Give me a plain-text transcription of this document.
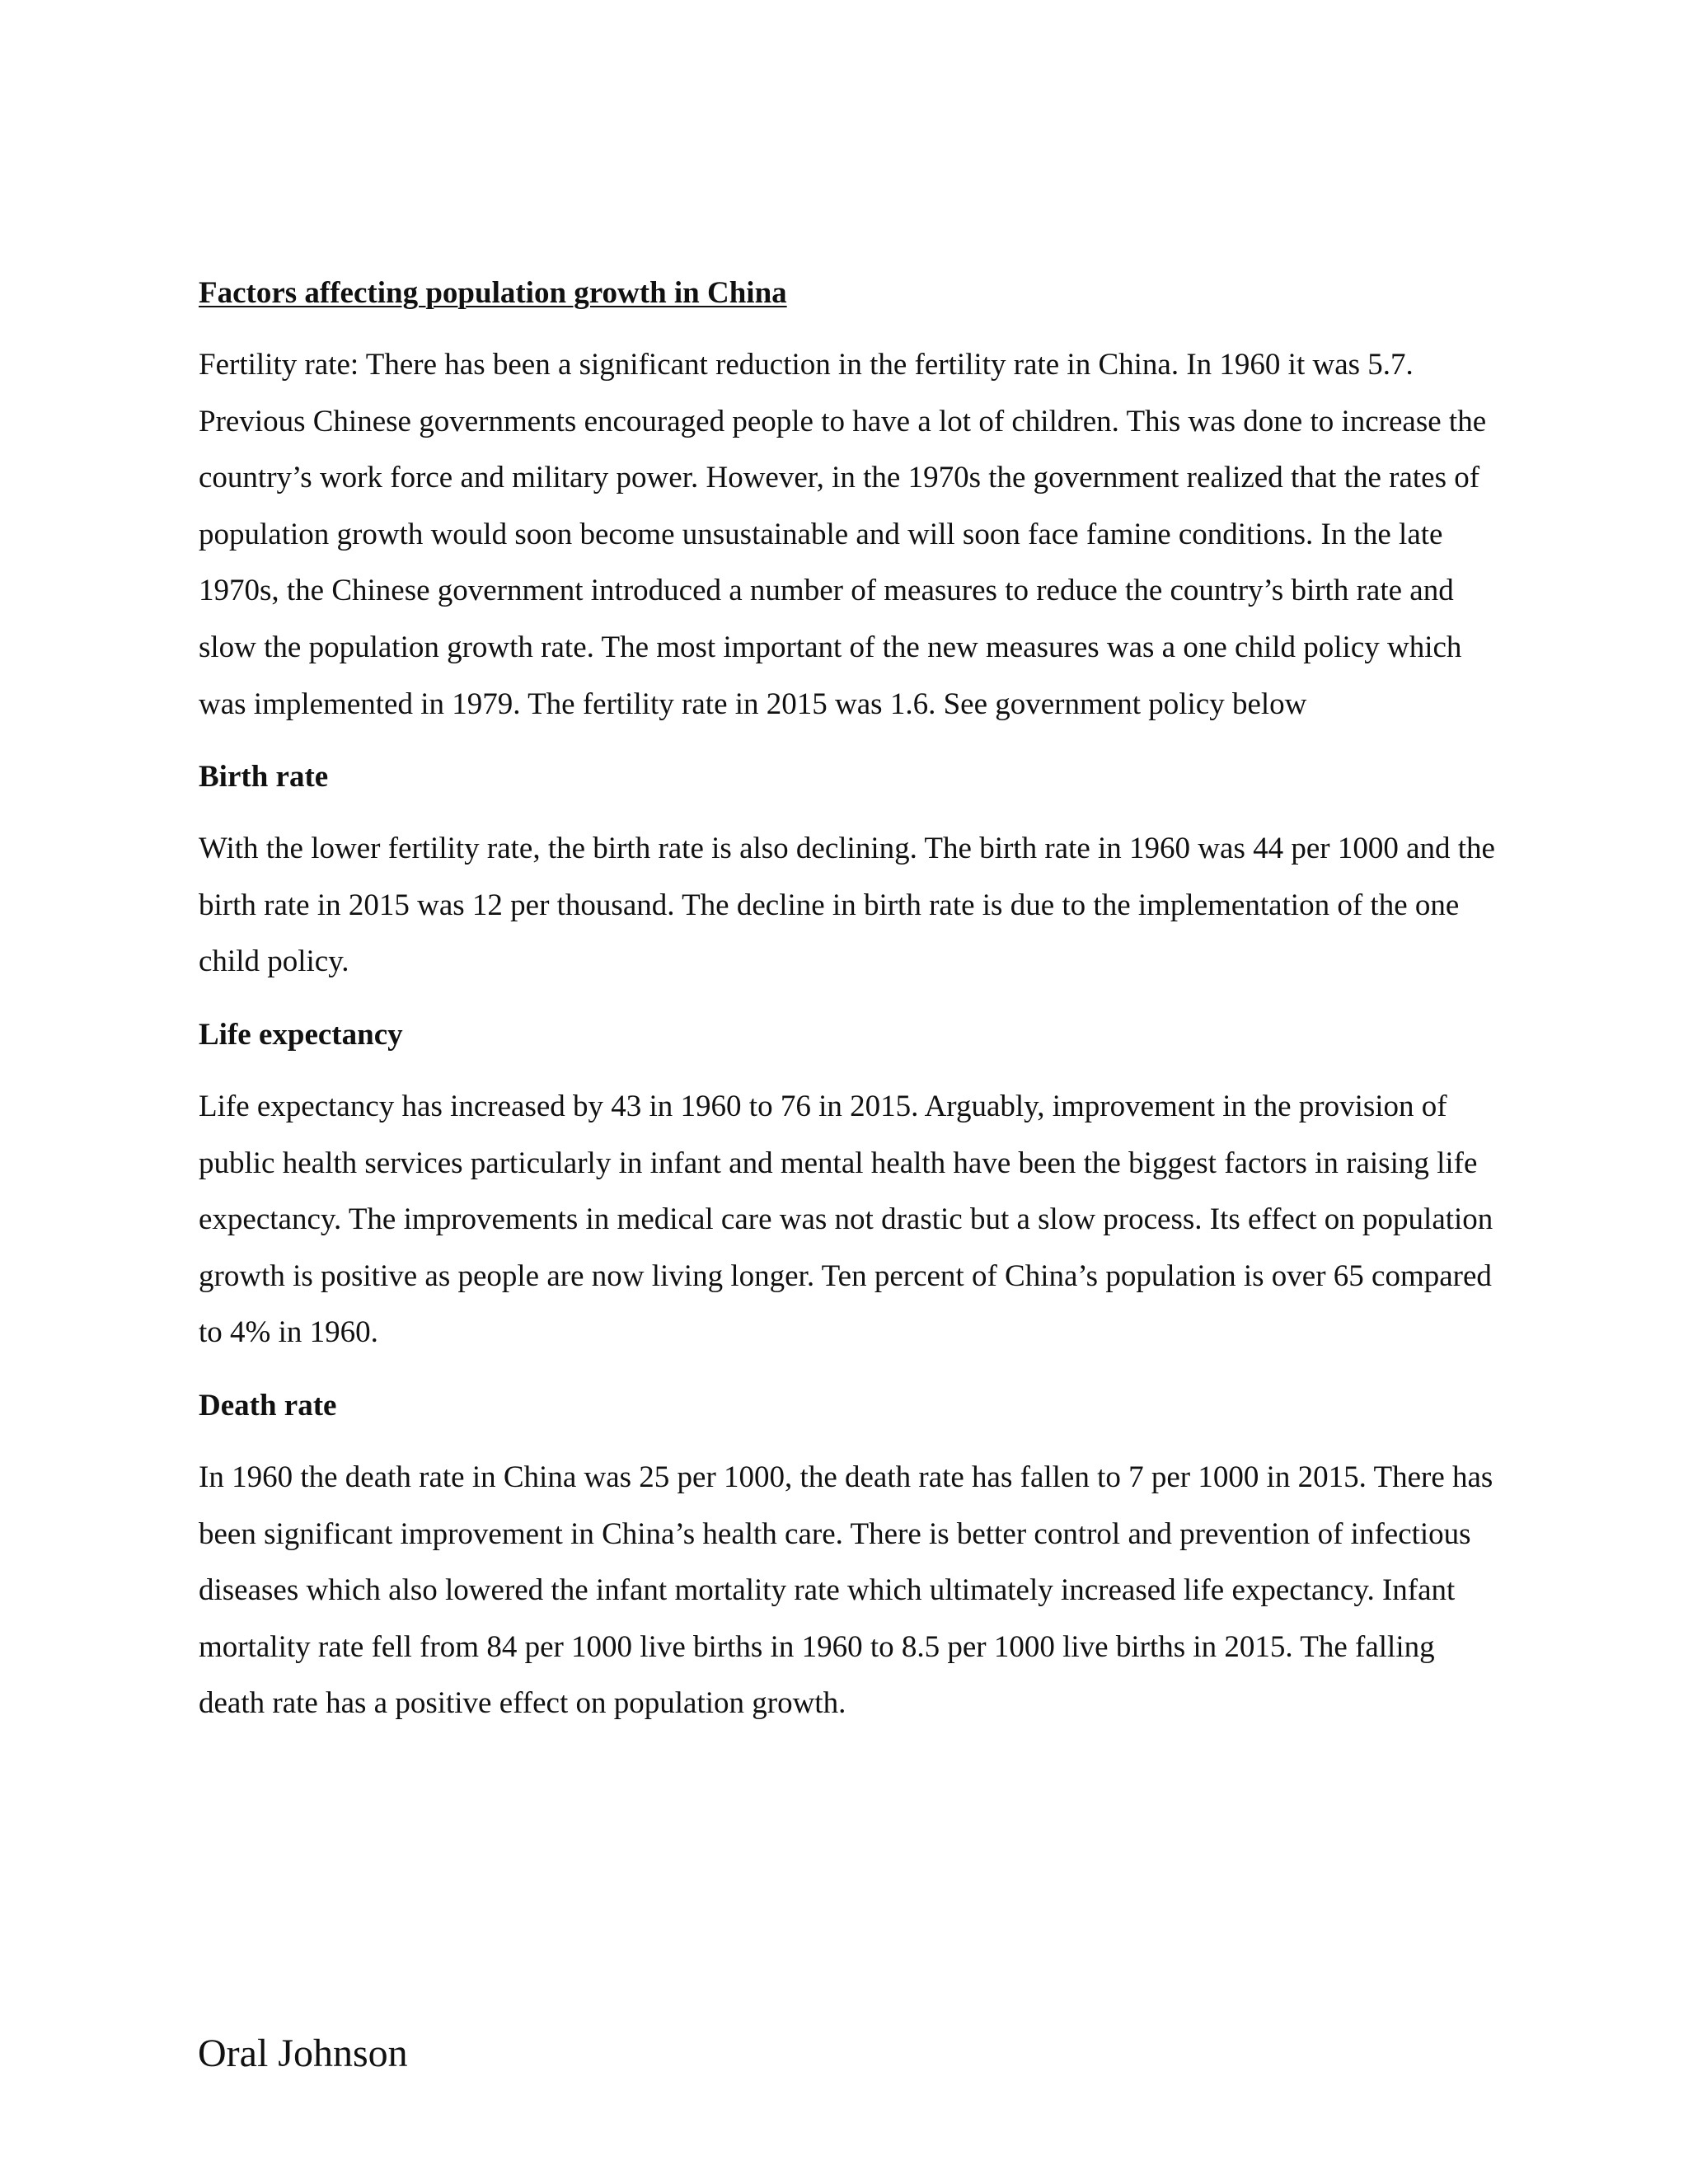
Factors affecting population growth in China

Fertility rate: There has been a significant reduction in the fertility rate in China. In 1960 it was 5.7. Previous Chinese governments encouraged people to have a lot of children. This was done to increase the country’s work force and military power. However, in the 1970s the government realized that the rates of population growth would soon become unsustainable and will soon face famine conditions. In the late 1970s, the Chinese government introduced a number of measures to reduce the country’s birth rate and slow the population growth rate. The most important of the new measures was a one child policy which was implemented in 1979. The fertility rate in 2015 was 1.6. See government policy below

Birth rate

With the lower fertility rate, the birth rate is also declining. The birth rate in 1960 was 44 per 1000 and the birth rate in 2015 was 12 per thousand. The decline in birth rate is due to the implementation of the one child policy.

Life expectancy

Life expectancy has increased by 43 in 1960 to 76 in 2015. Arguably, improvement in the provision of public health services particularly in infant and mental health have been the biggest factors in raising life expectancy. The improvements in medical care was not drastic but a slow process. Its effect on population growth is positive as people are now living longer. Ten percent of China’s population is over 65 compared to 4% in 1960.

Death rate

In 1960 the death rate in China was 25 per 1000, the death rate has fallen to 7 per 1000 in 2015. There has been significant improvement in China’s health care. There is better control and prevention of infectious diseases which also lowered the infant mortality rate which ultimately increased life expectancy. Infant mortality rate fell from 84 per 1000 live births in 1960 to 8.5 per 1000 live births in 2015. The falling death rate has a positive effect on population growth.

Oral Johnson
